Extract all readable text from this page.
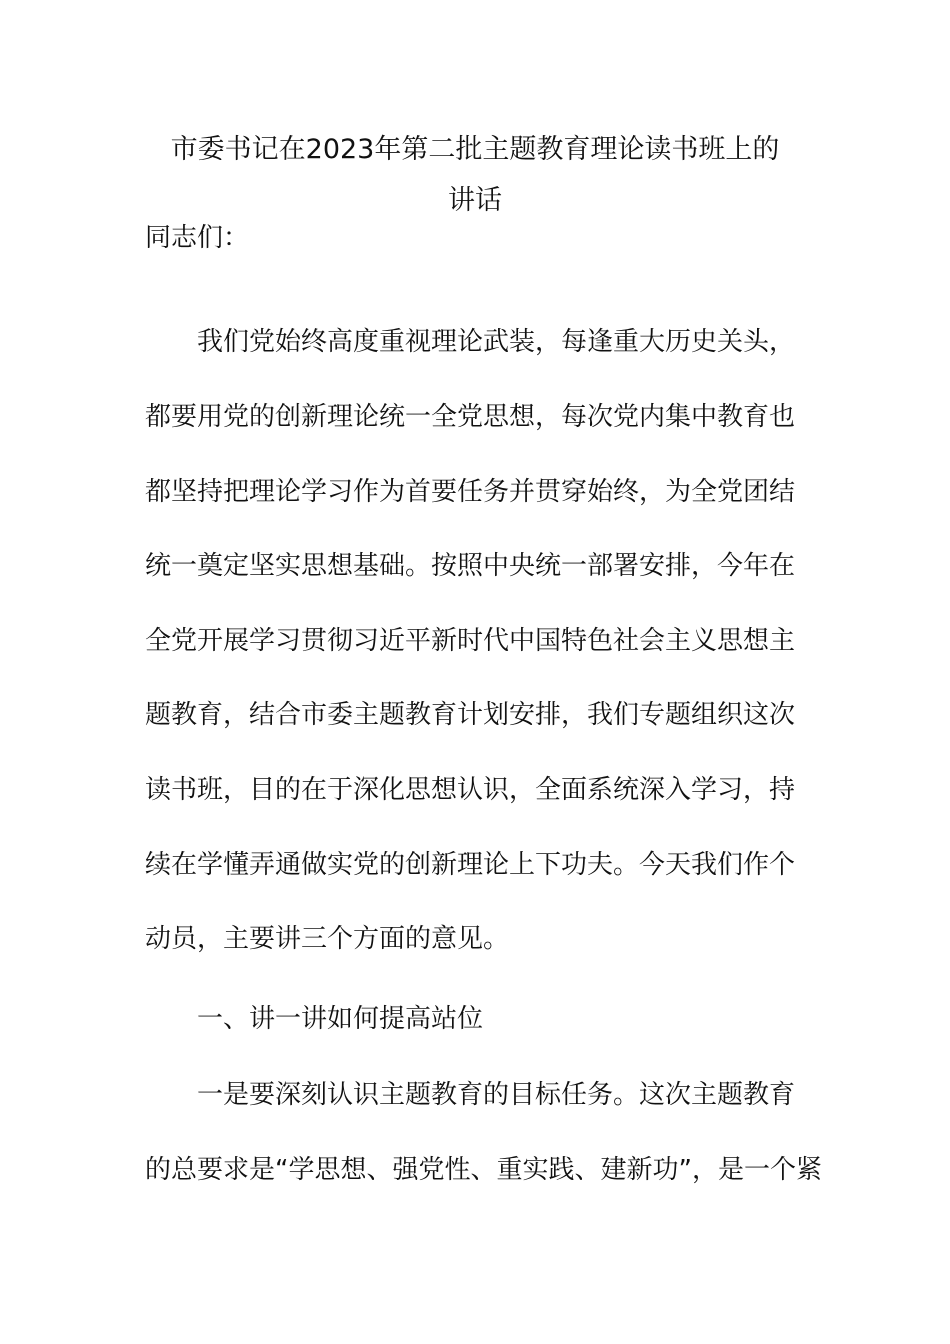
市委书记在2023年第二批主题教育理论读书班上的
讲话
同志们：
我们党始终高度重视理论武装，每逢重大历史关头，
都要用党的创新理论统一全党思想，每次党内集中教育也
都坚持把理论学习作为首要任务并贯穿始终，为全党团结
统一奠定坚实思想基础。按照中央统一部署安排，今年在
全党开展学习贯彻习近平新时代中国特色社会主义思想主
题教育，结合市委主题教育计划安排，我们专题组织这次
读书班，目的在于深化思想认识，全面系统深入学习，持
续在学懂弄通做实党的创新理论上下功夫。今天我们作个
动员，主要讲三个方面的意见。
一、讲一讲如何提高站位
一是要深刻认识主题教育的目标任务。这次主题教育
的总要求是“学思想、强党性、重实践、建新功”，是一个紧
